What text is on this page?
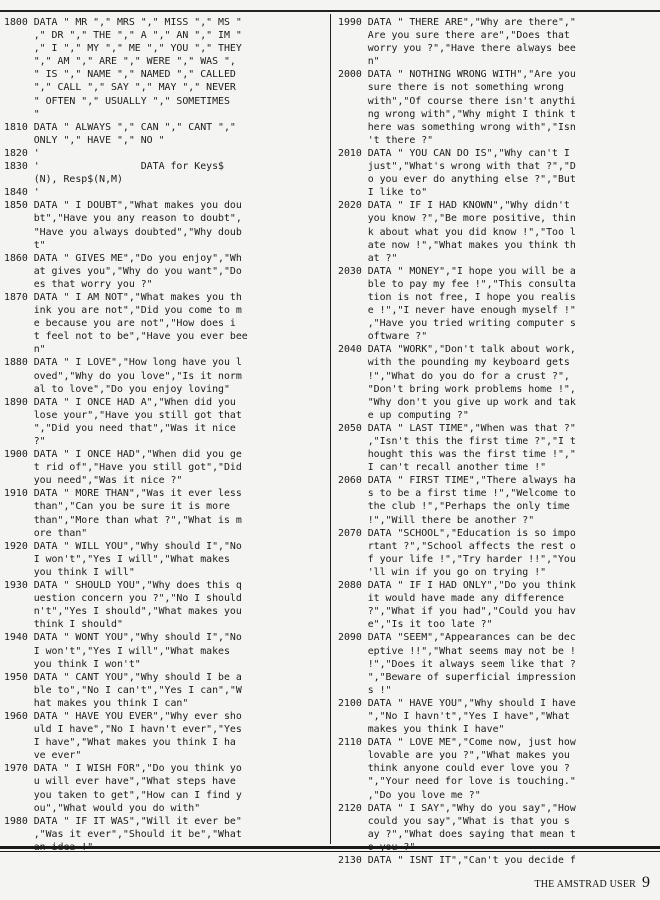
1800 DATA " MR "," MRS "," MISS "," MS "
," DR "," THE "," A "," AN "," IM "
," I "," MY "," ME "," YOU "," THEY
"," AM "," ARE "," WERE "," WAS ",
" IS "," NAME "," NAMED "," CALLED
"," CALL "," SAY "," MAY "," NEVER
" OFTEN "," USUALLY "," SOMETIMES
"
1810 DATA " ALWAYS "," CAN "," CANT ","
ONLY "," HAVE "," NO "
1820 '
1830 '                 DATA for Keys$
(N), Resp$(N,M)
1840 '
1850 DATA " I DOUBT","What makes you dou
bt","Have you any reason to doubt",
"Have you always doubted","Why doub
t"
1860 DATA " GIVES ME","Do you enjoy","Wh
at gives you","Why do you want","Do
es that worry you ?"
1870 DATA " I AM NOT","What makes you th
ink you are not","Did you come to m
e because you are not","How does i
t feel not to be","Have you ever bee
n"
1880 DATA " I LOVE","How long have you l
oved","Why do you love","Is it norm
al to love","Do you enjoy loving"
1890 DATA " I ONCE HAD A","When did you
lose your","Have you still got that
","Did you need that","Was it nice
?"
1900 DATA " I ONCE HAD","When did you ge
t rid of","Have you still got","Did
you need","Was it nice ?"
1910 DATA " MORE THAN","Was it ever less
than","Can you be sure it is more
than","More than what ?","What is m
ore than"
1920 DATA " WILL YOU","Why should I","No
I won't","Yes I will","What makes
you think I will"
1930 DATA " SHOULD YOU","Why does this q
uestion concern you ?","No I should
n't","Yes I should","What makes you
think I should"
1940 DATA " WONT YOU","Why should I","No
I won't","Yes I will","What makes
you think I won't"
1950 DATA " CANT YOU","Why should I be a
ble to","No I can't","Yes I can","W
hat makes you think I can"
1960 DATA " HAVE YOU EVER","Why ever sho
uld I have","No I havn't ever","Yes
I have","What makes you think I ha
ve ever"
1970 DATA " I WISH FOR","Do you think yo
u will ever have","What steps have
you taken to get","How can I find y
ou","What would you do with"
1980 DATA " IF IT WAS","Will it ever be"
,"Was it ever","Should it be","What
1990 DATA " THERE ARE","Why are there","
Are you sure there are","Does that
worry you ?","Have there always bee
n"
2000 DATA " NOTHING WRONG WITH","Are you
sure there is not something wrong
with","Of course there isn't anythi
ng wrong with","Why might I think t
here was something wrong with","Isn
't there ?"
2010 DATA " YOU CAN DO IS","Why can't I
just","What's wrong with that ?","D
o you ever do anything else ?","But
I like to"
2020 DATA " IF I HAD KNOWN","Why didn't
you know ?","Be more positive, thin
k about what you did know !","Too l
ate now !","What makes you think th
at ?"
2030 DATA " MONEY","I hope you will be a
ble to pay my fee !","This consulta
tion is not free, I hope you realis
e !","I never have enough myself !"
,"Have you tried writing computer s
oftware ?"
2040 DATA "WORK","Don't talk about work,
with the pounding my keyboard gets
!","What do you do for a crust ?",
"Don't bring work problems home !",
"Why don't you give up work and tak
e up computing ?"
2050 DATA " LAST TIME","When was that ?"
,"Isn't this the first time ?","I t
hought this was the first time !","
I can't recall another time !"
2060 DATA " FIRST TIME","There always ha
s to be a first time !","Welcome to
the club !","Perhaps the only time
!","Will there be another ?"
2070 DATA "SCHOOL","Education is so impo
rtant ?","School affects the rest o
f your life !","Try harder !!","You
'll win if you go on trying !"
2080 DATA " IF I HAD ONLY","Do you think
it would have made any difference
?","What if you had","Could you hav
e","Is it too late ?"
2090 DATA "SEEM","Appearances can be dec
eptive !!","What seems may not be !
!","Does it always seem like that ?
","Beware of superficial impression
s !"
2100 DATA " HAVE YOU","Why should I have
","No I havn't","Yes I have","What
makes you think I have"
2110 DATA " LOVE ME","Come now, just how
lovable are you ?","What makes you
think anyone could ever love you ?
","Your need for love is touching."
,"Do you love me ?"
2120 DATA " I SAY","Why do you say","How
could you say","What is that you s
ay ?","What does saying that mean t
2130 DATA " ISNT IT","Can't you decide f
THE AMSTRAD USER 9
